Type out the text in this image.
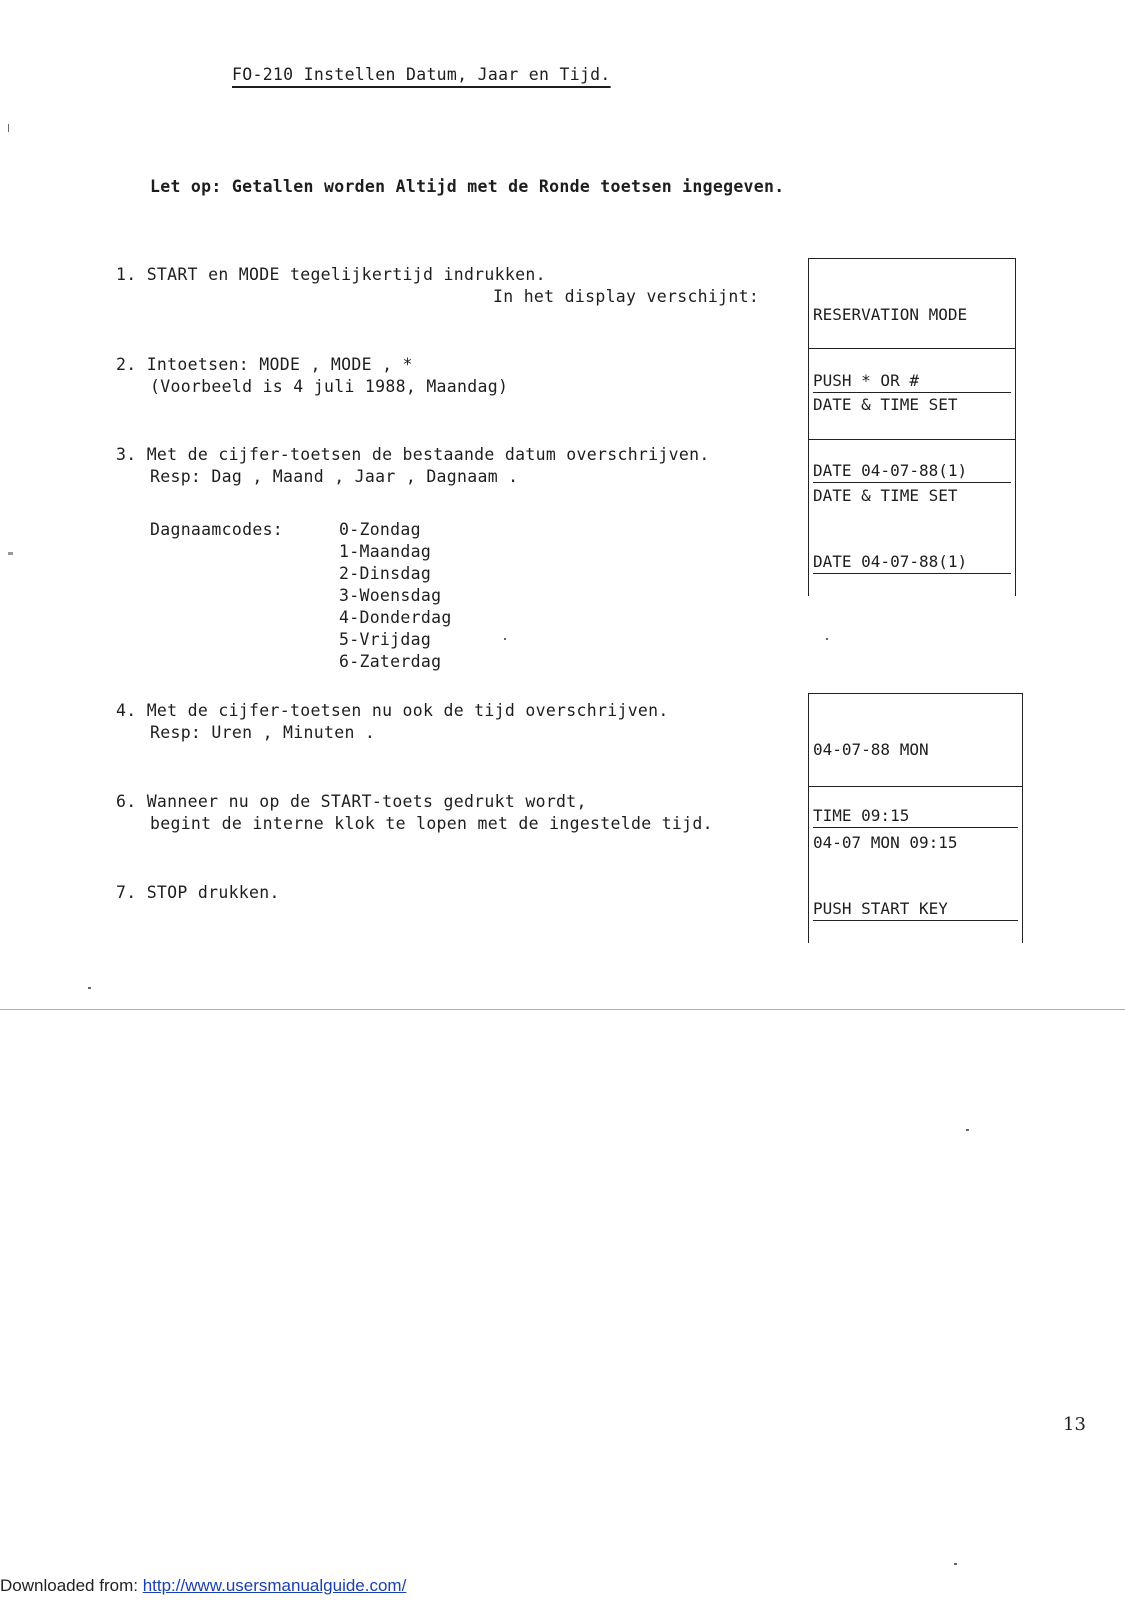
FO-210 Instellen Datum, Jaar en Tijd.
Let op: Getallen worden Altijd met de Ronde toetsen ingegeven.
1. START en MODE tegelijkertijd indrukken.
In het display verschijnt:

RESERVATION MODE

PUSH * OR #

2. Intoetsen: MODE , MODE , *
(Voorbeeld is 4 juli 1988, Maandag)

DATE & TIME SET

DATE 04-07-88(1)

3. Met de cijfer-toetsen de bestaande datum overschrijven.
Resp: Dag , Maand , Jaar , Dagnaam .

DATE & TIME SET

DATE 04-07-88(1)

Dagnaamcodes:	0-Zondag
1-Maandag
2-Dinsdag
3-Woensdag
4-Donderdag
5-Vrijdag
6-Zaterdag
4. Met de cijfer-toetsen nu ook de tijd overschrijven.
Resp: Uren , Minuten .

04-07-88 MON

TIME 09:15

6. Wanneer nu op de START-toets gedrukt wordt,
begint de interne klok te lopen met de ingestelde tijd.

04-07 MON 09:15

PUSH START KEY

7. STOP drukken.
13
Downloaded from: http://www.usersmanualguide.com/
